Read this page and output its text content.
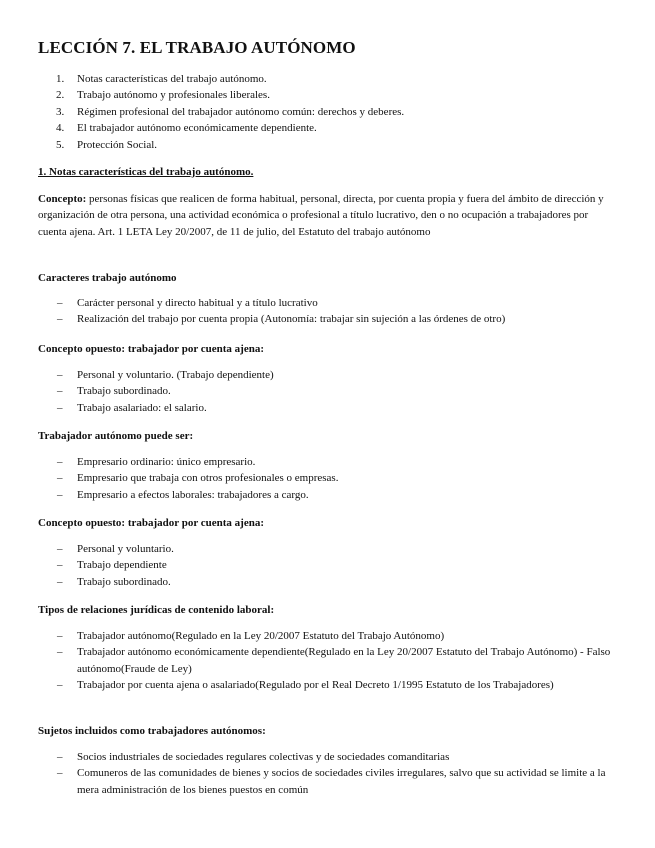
LECCIÓN 7. EL TRABAJO AUTÓNOMO
1. Notas características del trabajo autónomo.
2. Trabajo autónomo y profesionales liberales.
3. Régimen profesional del trabajador autónomo común: derechos y deberes.
4. El trabajador autónomo económicamente dependiente.
5. Protección Social.

1. Notas características del trabajo autónomo.

Concepto: personas físicas que realicen de forma habitual, personal, directa, por cuenta propia y fuera del ámbito de dirección y organización de otra persona, una actividad económica o profesional a título lucrativo, den o no ocupación a trabajadores por cuenta ajena. Art. 1 LETA Ley 20/2007, de 11 de julio, del Estatuto del trabajo autónomo

Caracteres trabajo autónomo

– Carácter personal y directo habitual y a título lucrativo
– Realización del trabajo por cuenta propia (Autonomía: trabajar sin sujeción a las órdenes de otro)

Concepto opuesto: trabajador por cuenta ajena:

– Personal y voluntario. (Trabajo dependiente)
– Trabajo subordinado.
– Trabajo asalariado: el salario.

Trabajador autónomo puede ser:

– Empresario ordinario: único empresario.
– Empresario que trabaja con otros profesionales o empresas.
– Empresario a efectos laborales: trabajadores a cargo.

Concepto opuesto: trabajador por cuenta ajena:

– Personal y voluntario.
– Trabajo dependiente
– Trabajo subordinado.

Tipos de relaciones jurídicas de contenido laboral:

– Trabajador autónomo(Regulado en la Ley 20/2007 Estatuto del Trabajo Autónomo)
– Trabajador autónomo económicamente dependiente(Regulado en la Ley 20/2007 Estatuto del Trabajo Autónomo) - Falso autónomo(Fraude de Ley)
– Trabajador por cuenta ajena o asalariado(Regulado por el Real Decreto 1/1995 Estatuto de los Trabajadores)

Sujetos incluidos como trabajadores autónomos:

– Socios industriales de sociedades regulares colectivas y de sociedades comanditarias
– Comuneros de las comunidades de bienes y socios de sociedades civiles irregulares, salvo que su actividad se limite a la mera administración de los bienes puestos en común
